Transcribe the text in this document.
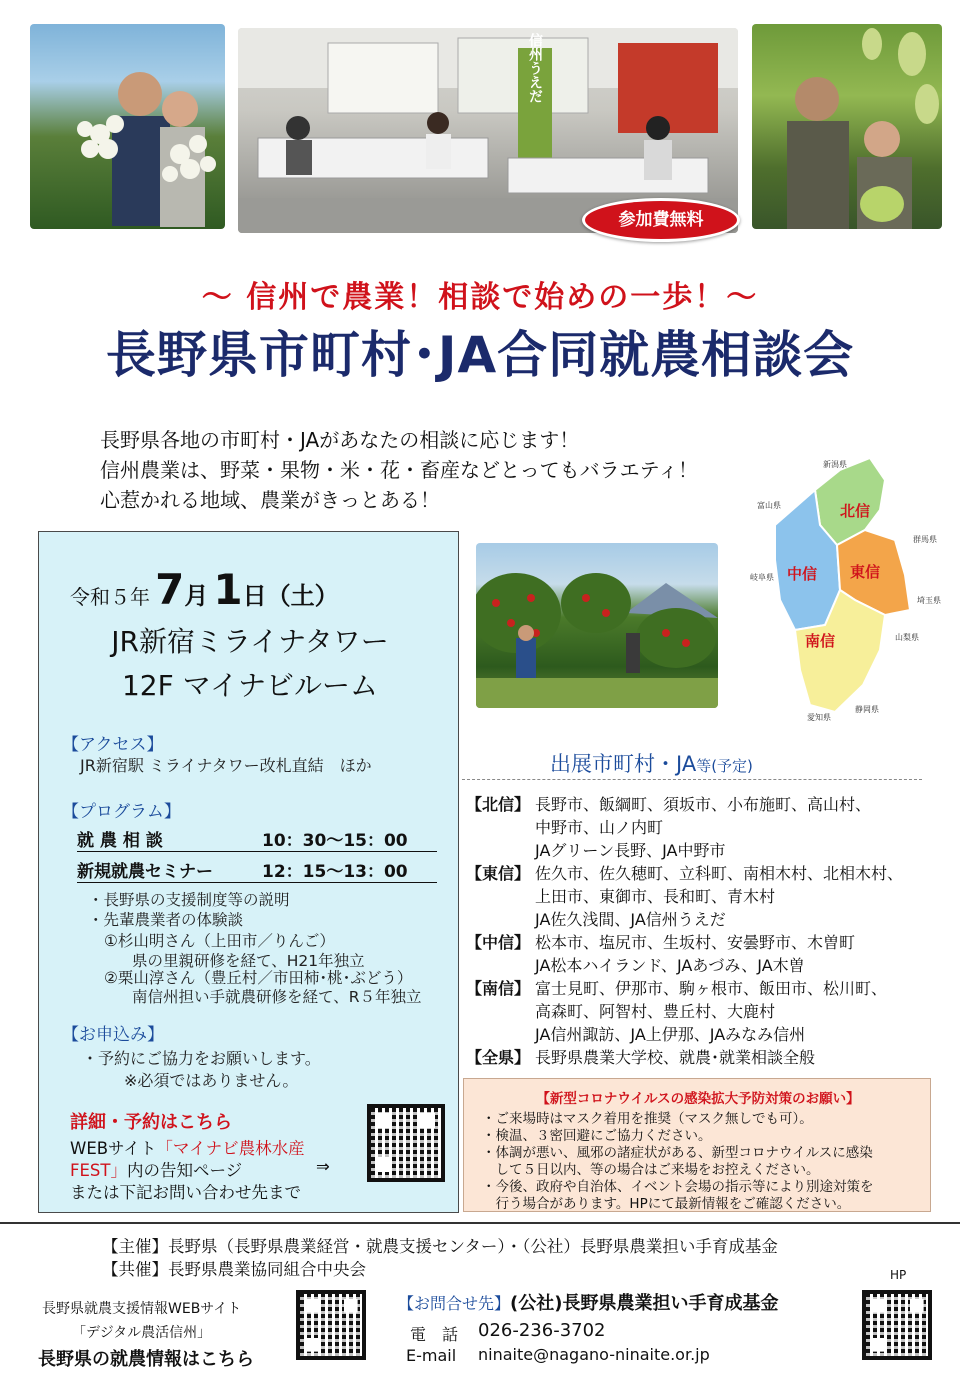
信州うえだ
参加費無料
～ 信州で農業！相談で始めの一歩！～
長野県市町村･JA合同就農相談会
長野県各地の市町村・JAがあなたの相談に応じます！
信州農業は、野菜・果物・米・花・畜産などとってもバラエティ！
心惹かれる地域、農業がきっとある！
令和５年 7月 1日（土）
JR新宿ミライナタワー
12F マイナビルーム
【アクセス】
JR新宿駅 ミライナタワー改札直結　ほか
【プログラム】
就 農 相 談	10：30～15：00
新規就農セミナー	12：15～13：00
・長野県の支援制度等の説明
・先輩農業者の体験談
①杉山明さん（上田市／りんご）
県の里親研修を経て、H21年独立
②栗山淳さん（豊丘村／市田柿･桃･ぶどう）
南信州担い手就農研修を経て、R５年独立
【お申込み】
・予約にご協力をお願いします。
※必須ではありません。
詳細・予約はこちら
WEBサイト「マイナビ農林水産
FEST」内の告知ページ	⇒
または下記お問い合わせ先まで
北信
中信 東信
南信
新潟県
富山県
岐阜県
群馬県
埼玉県
山梨県
愛知県
静岡県
出展市町村・JA等(予定)
【北信】 長野市、飯綱町、須坂市、小布施町、高山村、
中野市、山ノ内町
JAグリーン長野、JA中野市
【東信】 佐久市、佐久穂町、立科町、南相木村、北相木村、
上田市、東御市、長和町、青木村
JA佐久浅間、JA信州うえだ
【中信】 松本市、塩尻市、生坂村、安曇野市、木曽町
JA松本ハイランド、JAあづみ、JA木曽
【南信】 富士見町、伊那市、駒ヶ根市、飯田市、松川町、
高森町、阿智村、豊丘村、大鹿村
JA信州諏訪、JA上伊那、JAみなみ信州
【全県】 長野県農業大学校、就農･就業相談全般
【新型コロナウイルスの感染拡大予防対策のお願い】
・ご来場時はマスク着用を推奨（マスク無しでも可）。
・検温、３密回避にご協力ください。
・体調が悪い、風邪の諸症状がある、新型コロナウイルスに感染
　して５日以内、等の場合はご来場をお控えください。
・今後、政府や自治体、イベント会場の指示等により別途対策を
　行う場合があります。HPにて最新情報をご確認ください。
【主催】長野県（長野県農業経営・就農支援センター）・（公社）長野県農業担い手育成基金
【共催】長野県農業協同組合中央会	HP
長野県就農支援情報WEBサイト
「デジタル農活信州」
長野県の就農情報はこちら
【お問合せ先】(公社)長野県農業担い手育成基金
電　話 026-236-3702
E-mail ninaite@nagano-ninaite.or.jp
